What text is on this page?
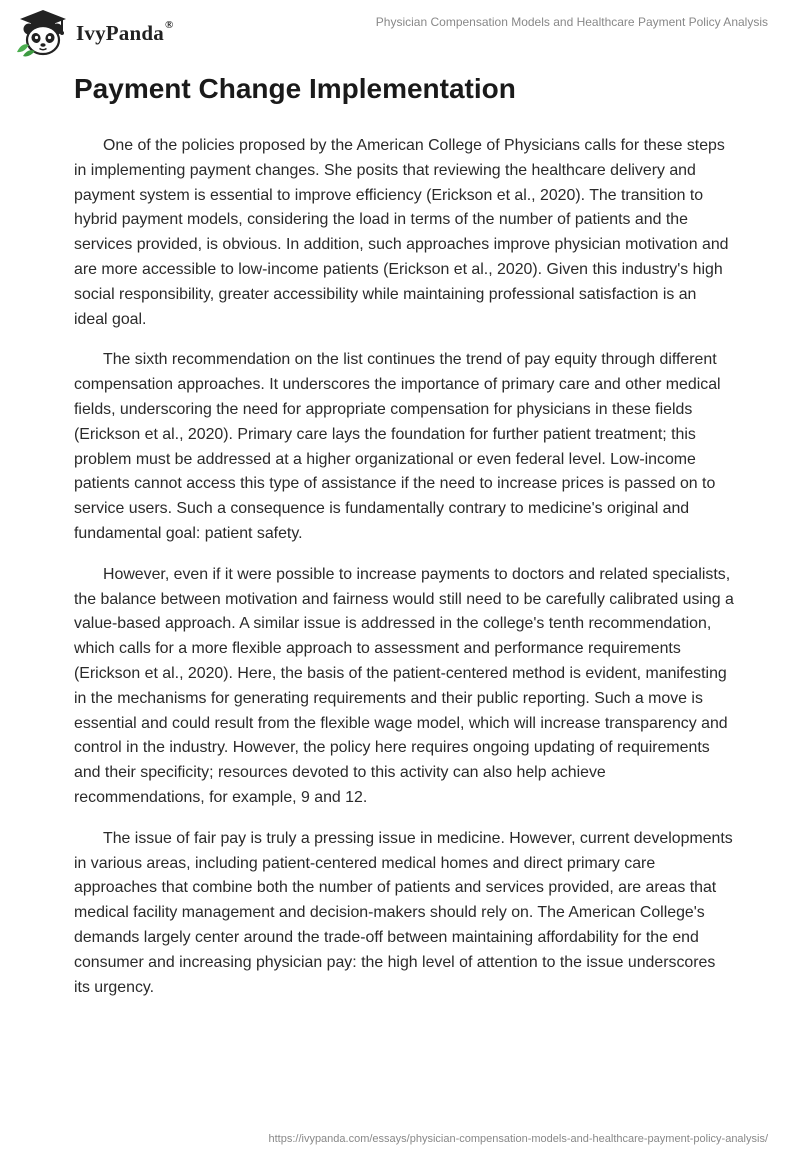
IvyPanda®	Physician Compensation Models and Healthcare Payment Policy Analysis
Payment Change Implementation

One of the policies proposed by the American College of Physicians calls for these steps in implementing payment changes. She posits that reviewing the healthcare delivery and payment system is essential to improve efficiency (Erickson et al., 2020). The transition to hybrid payment models, considering the load in terms of the number of patients and the services provided, is obvious. In addition, such approaches improve physician motivation and are more accessible to low-income patients (Erickson et al., 2020). Given this industry's high social responsibility, greater accessibility while maintaining professional satisfaction is an ideal goal.

The sixth recommendation on the list continues the trend of pay equity through different compensation approaches. It underscores the importance of primary care and other medical fields, underscoring the need for appropriate compensation for physicians in these fields (Erickson et al., 2020). Primary care lays the foundation for further patient treatment; this problem must be addressed at a higher organizational or even federal level. Low-income patients cannot access this type of assistance if the need to increase prices is passed on to service users. Such a consequence is fundamentally contrary to medicine's original and fundamental goal: patient safety.

However, even if it were possible to increase payments to doctors and related specialists, the balance between motivation and fairness would still need to be carefully calibrated using a value-based approach. A similar issue is addressed in the college's tenth recommendation, which calls for a more flexible approach to assessment and performance requirements (Erickson et al., 2020). Here, the basis of the patient-centered method is evident, manifesting in the mechanisms for generating requirements and their public reporting. Such a move is essential and could result from the flexible wage model, which will increase transparency and control in the industry. However, the policy here requires ongoing updating of requirements and their specificity; resources devoted to this activity can also help achieve recommendations, for example, 9 and 12.

The issue of fair pay is truly a pressing issue in medicine. However, current developments in various areas, including patient-centered medical homes and direct primary care approaches that combine both the number of patients and services provided, are areas that medical facility management and decision-makers should rely on. The American College's demands largely center around the trade-off between maintaining affordability for the end consumer and increasing physician pay: the high level of attention to the issue underscores its urgency.

https://ivypanda.com/essays/physician-compensation-models-and-healthcare-payment-policy-analysis/
